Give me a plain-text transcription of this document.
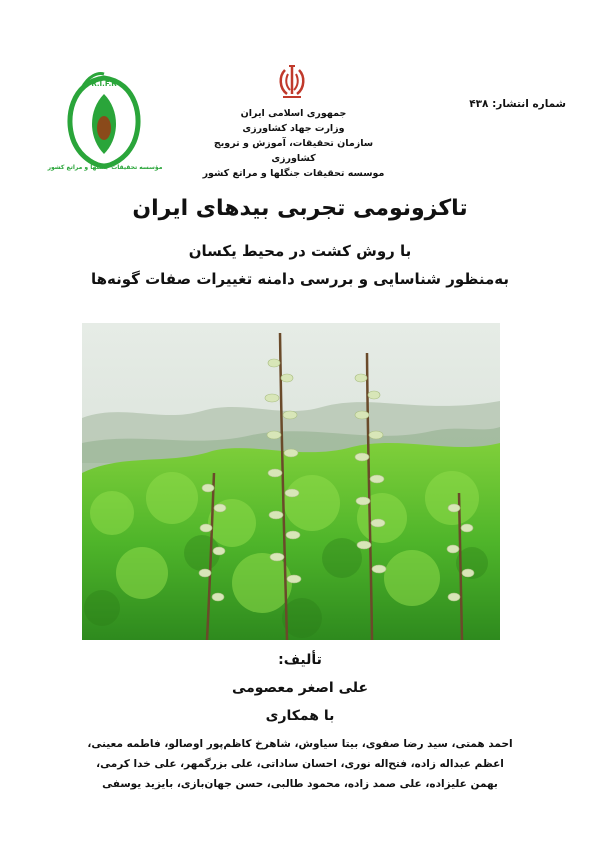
R.I.F.R
مؤسسه تحقیقات جنگلها و مراتع کشور
جمهوری اسلامی ایران
وزارت جهاد کشاورزی
سازمان تحقیقات، آموزش و ترویج کشاورزی
موسسه تحقیقات جنگلها و مراتع کشور
شماره انتشار: ۴۳۸
تاکزونومی تجربی بیدهای ایران
با روش کشت در محیط یکسان
به‌منظور شناسایی و بررسی دامنه تغییرات صفات گونه‌ها
تألیف:
علی اصغر معصومی
با همکاری
احمد همتی، سید رضا صفوی، بیتا سیاوش، شاهرخ کاظم‌پور اوصالو، فاطمه معینی،
اعظم عبداله زاده، فتح‌اله نوری، احسان ساداتی، علی بزرگمهر، علی خدا کرمی،
بهمن علیزاده، علی صمد زاده، محمود طالبی، حسن جهان‌بازی، بایزید یوسفی
